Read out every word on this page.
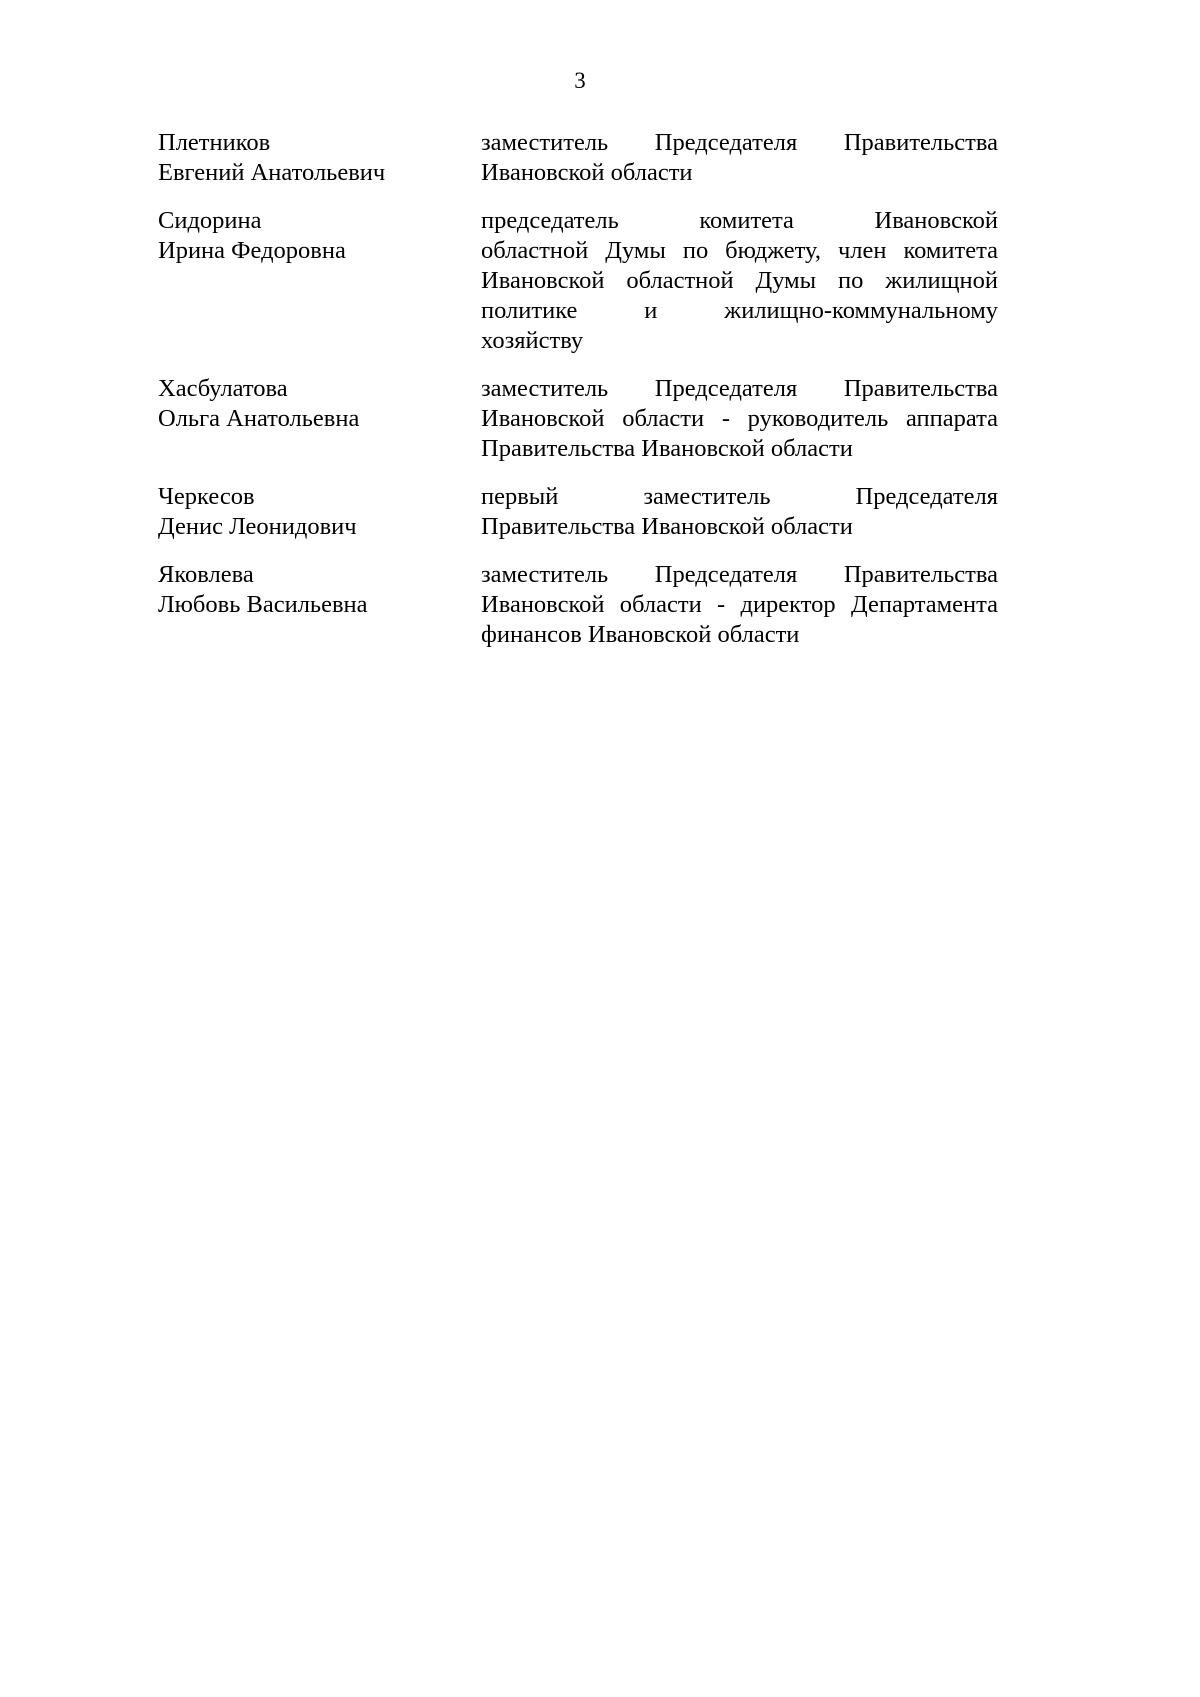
3
Плетников
Евгений Анатольевич
заместитель Председателя Правительства
Ивановской области
Сидорина
Ирина Федоровна
председатель комитета Ивановской
областной Думы по бюджету, член комитета
Ивановской областной Думы по жилищной
политике и жилищно-коммунальному
хозяйству
Хасбулатова
Ольга Анатольевна
заместитель Председателя Правительства
Ивановской области - руководитель аппарата
Правительства Ивановской области
Черкесов
Денис Леонидович
первый заместитель Председателя
Правительства Ивановской области
Яковлева
Любовь Васильевна
заместитель Председателя Правительства
Ивановской области - директор Департамента
финансов Ивановской области
